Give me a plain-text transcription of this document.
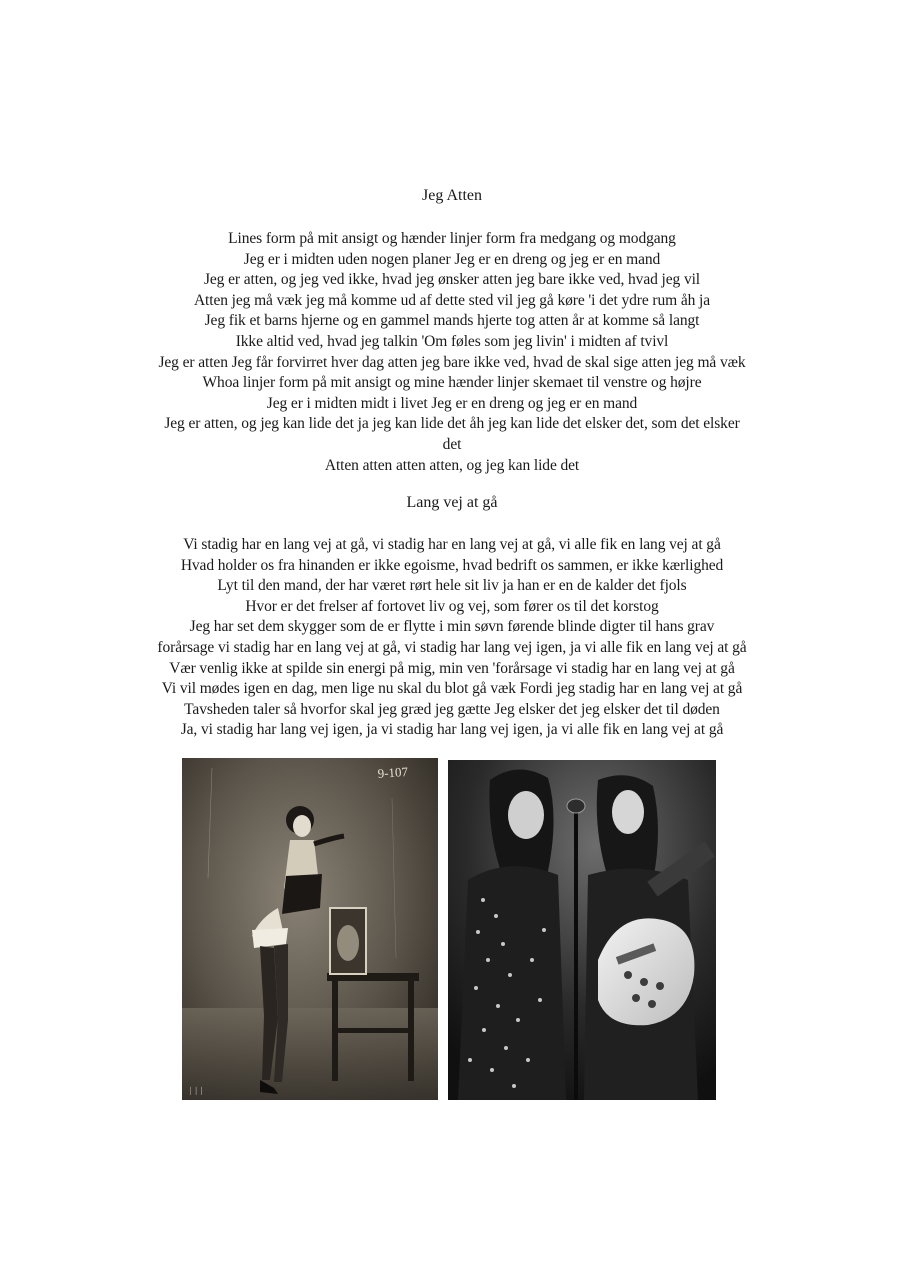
Jeg Atten

Lines form på mit ansigt og hænder linjer form fra medgang og modgang

Jeg er i midten uden nogen planer Jeg er en dreng og jeg er en mand

Jeg er atten, og jeg ved ikke, hvad jeg ønsker atten jeg bare ikke ved, hvad jeg vil

Atten jeg må væk jeg må komme ud af dette sted vil jeg gå køre 'i det ydre rum åh ja

Jeg fik et barns hjerne og en gammel mands hjerte tog atten år at komme så langt

Ikke altid ved, hvad jeg talkin 'Om føles som jeg livin' i midten af tvivl

Jeg er atten Jeg får forvirret hver dag atten jeg bare ikke ved, hvad de skal sige atten jeg må væk

Whoa linjer form på mit ansigt og mine hænder linjer skemaet til venstre og højre

Jeg er i midten midt i livet Jeg er en dreng og jeg er en mand

Jeg er atten, og jeg kan lide det ja jeg kan lide det åh jeg kan lide det elsker det, som det elsker

det

Atten atten atten atten, og jeg kan lide det

Lang vej at gå

Vi stadig har en lang vej at gå, vi stadig har en lang vej at gå, vi alle fik en lang vej at gå

Hvad holder os fra hinanden er ikke egoisme, hvad bedrift os sammen, er ikke kærlighed

Lyt til den mand, der har været rørt hele sit liv ja han er en de kalder det fjols

Hvor er det frelser af fortovet liv og vej, som fører os til det korstog

Jeg har set dem skygger som de er flytte i min søvn førende blinde digter til hans grav

forårsage vi stadig har en lang vej at gå, vi stadig har lang vej igen, ja vi alle fik en lang vej at gå

Vær venlig ikke at spilde sin energi på mig, min ven 'forårsage vi stadig har en lang vej at gå

Vi vil mødes igen en dag, men lige nu skal du blot gå væk Fordi jeg stadig har en lang vej at gå

Tavsheden taler så hvorfor skal jeg græd jeg gætte Jeg elsker det jeg elsker det til døden

Ja, vi stadig har lang vej igen, ja vi stadig har lang vej igen, ja vi alle fik en lang vej at gå

9-107
ᛁᛁᛁ
